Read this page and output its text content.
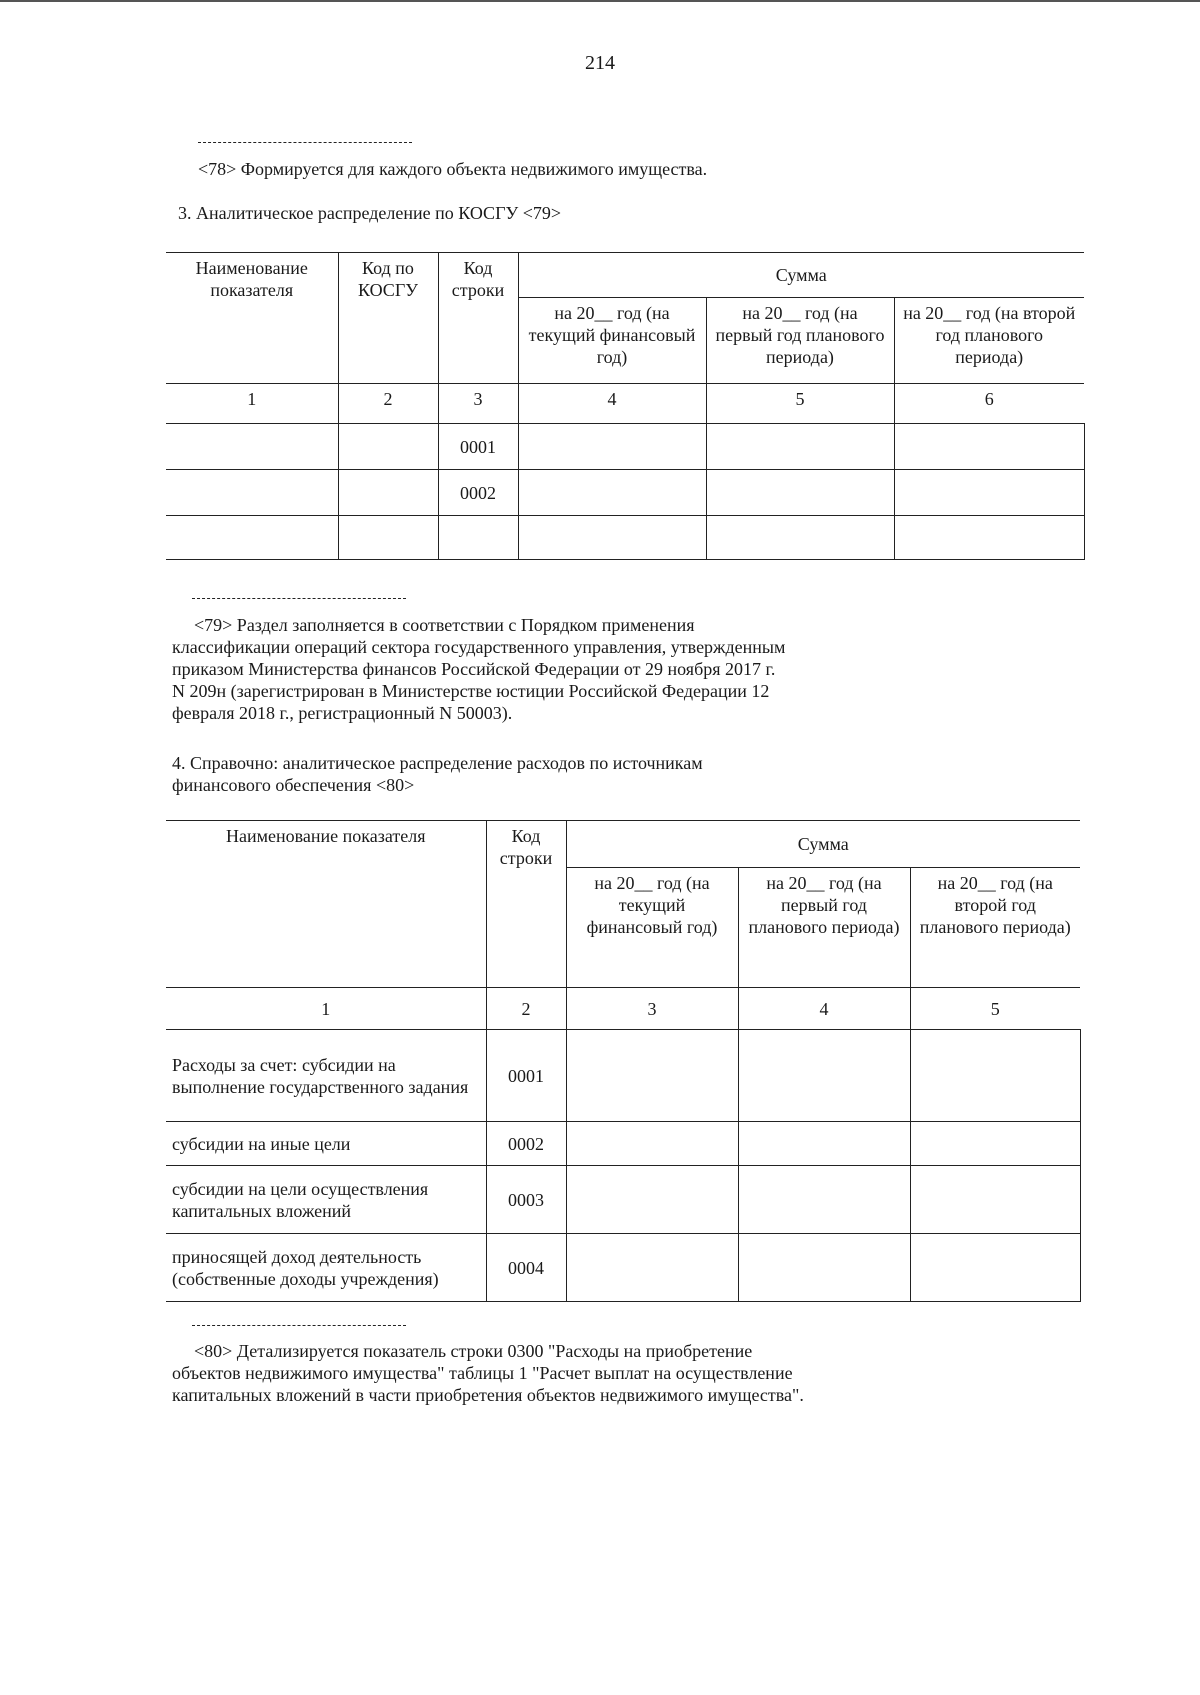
214
<78> Формируется для каждого объекта недвижимого имущества.
3. Аналитическое распределение по КОСГУ <79>
Наименование показателя	Код по КОСГУ	Код строки	Сумма		
			на 20__ год (на текущий финансовый год)	на 20__ год (на первый год планового периода)	на 20__ год (на второй год планового периода)
1	2	3	4	5	6
		0001			
		0002			

<79> Раздел заполняется в соответствии с Порядком применения
классификации операций сектора государственного управления, утвержденным
приказом Министерства финансов Российской Федерации от 29 ноября 2017 г.
N 209н (зарегистрирован в Министерстве юстиции Российской Федерации 12
февраля 2018 г., регистрационный N 50003).
4. Справочно: аналитическое распределение расходов по источникам
финансового обеспечения <80>
Наименование показателя	Код строки	Сумма		
		на 20__ год (на текущий финансовый год)	на 20__ год (на первый год планового периода)	на 20__ год (на второй год планового периода)
1	2	3	4	5
Расходы за счет: субсидии на выполнение государственного задания	0001			
субсидии на иные цели	0002			
субсидии на цели осуществления капитальных вложений	0003			
приносящей доход деятельность (собственные доходы учреждения)	0004			
<80> Детализируется показатель строки 0300 "Расходы на приобретение
объектов недвижимого имущества" таблицы 1 "Расчет выплат на осуществление
капитальных вложений в части приобретения объектов недвижимого имущества".
